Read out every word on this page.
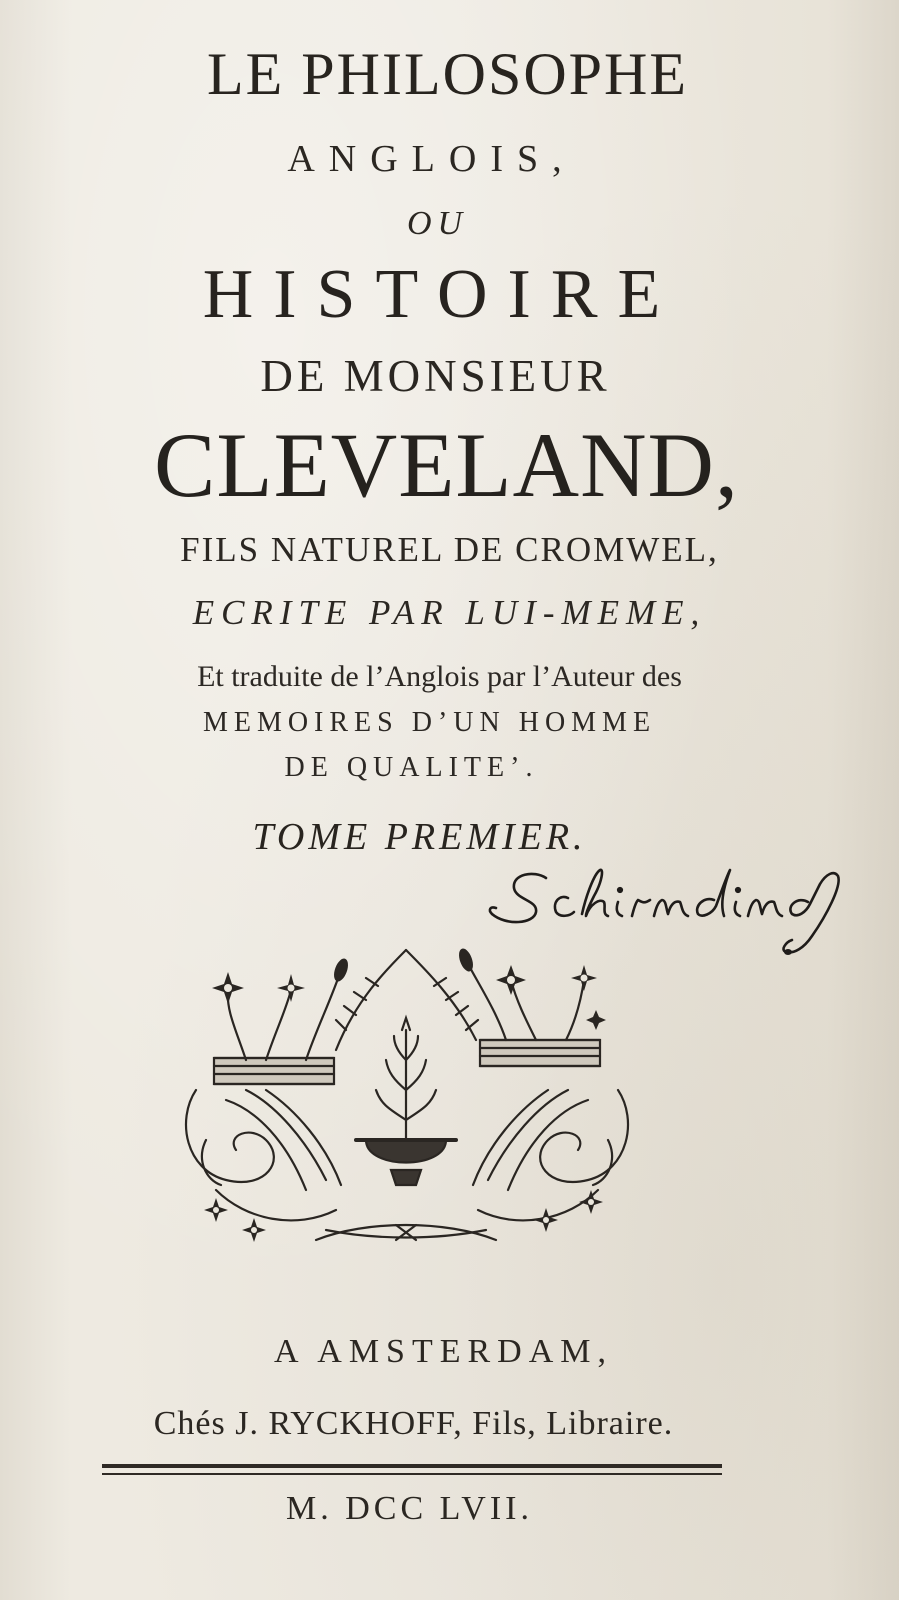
LE PHILOSOPHE
ANGLOIS,
OU
HISTOIRE
DE MONSIEUR
CLEVELAND,
FILS NATUREL DE CROMWEL,
ECRITE PAR LUI-MEME,
Et traduite de l’Anglois par l’Auteur des
MEMOIRES D’UN HOMME
DE QUALITE’.
TOME PREMIER.
A AMSTERDAM,
Chés J. RYCKHOFF, Fils, Libraire.
M. DCC LVII.
